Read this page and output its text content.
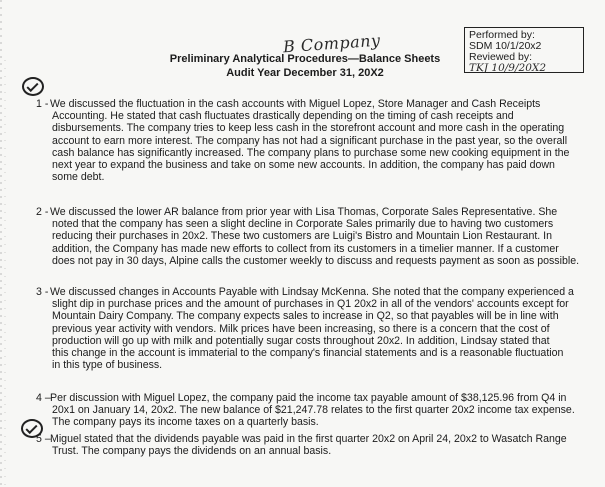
B Company
Preliminary Analytical Procedures—Balance Sheets
Audit Year December 31, 20X2
Performed by:
SDM 10/1/20x2
Reviewed by:
TKJ 10/9/20X2
1 - We discussed the fluctuation in the cash accounts with Miguel Lopez, Store Manager and Cash Receipts
Accounting. He stated that cash fluctuates drastically depending on the timing of cash receipts and
disbursements. The company tries to keep less cash in the storefront account and more cash in the operating
account to earn more interest. The company has not had a significant purchase in the past year, so the overall
cash balance has significantly increased. The company plans to purchase some new cooking equipment in the
next year to expand the business and take on some new accounts. In addition, the company has paid down
some debt.
2 - We discussed the lower AR balance from prior year with Lisa Thomas, Corporate Sales Representative. She
noted that the company has seen a slight decline in Corporate Sales primarily due to having two customers
reducing their purchases in 20x2. These two customers are Luigi's Bistro and Mountain Lion Restaurant. In
addition, the Company has made new efforts to collect from its customers in a timelier manner. If a customer
does not pay in 30 days, Alpine calls the customer weekly to discuss and requests payment as soon as possible.
3 - We discussed changes in Accounts Payable with Lindsay McKenna. She noted that the company experienced a
slight dip in purchase prices and the amount of purchases in Q1 20x2 in all of the vendors' accounts except for
Mountain Dairy Company. The company expects sales to increase in Q2, so that payables will be in line with
previous year activity with vendors. Milk prices have been increasing, so there is a concern that the cost of
production will go up with milk and potentially sugar costs throughout 20x2. In addition, Lindsay stated that
this change in the account is immaterial to the company's financial statements and is a reasonable fluctuation
in this type of business.
4 – Per discussion with Miguel Lopez, the company paid the income tax payable amount of $38,125.96 from Q4 in
20x1 on January 14, 20x2. The new balance of $21,247.78 relates to the first quarter 20x2 income tax expense.
The company pays its income taxes on a quarterly basis.
5 – Miguel stated that the dividends payable was paid in the first quarter 20x2 on April 24, 20x2 to Wasatch Range
Trust. The company pays the dividends on an annual basis.
